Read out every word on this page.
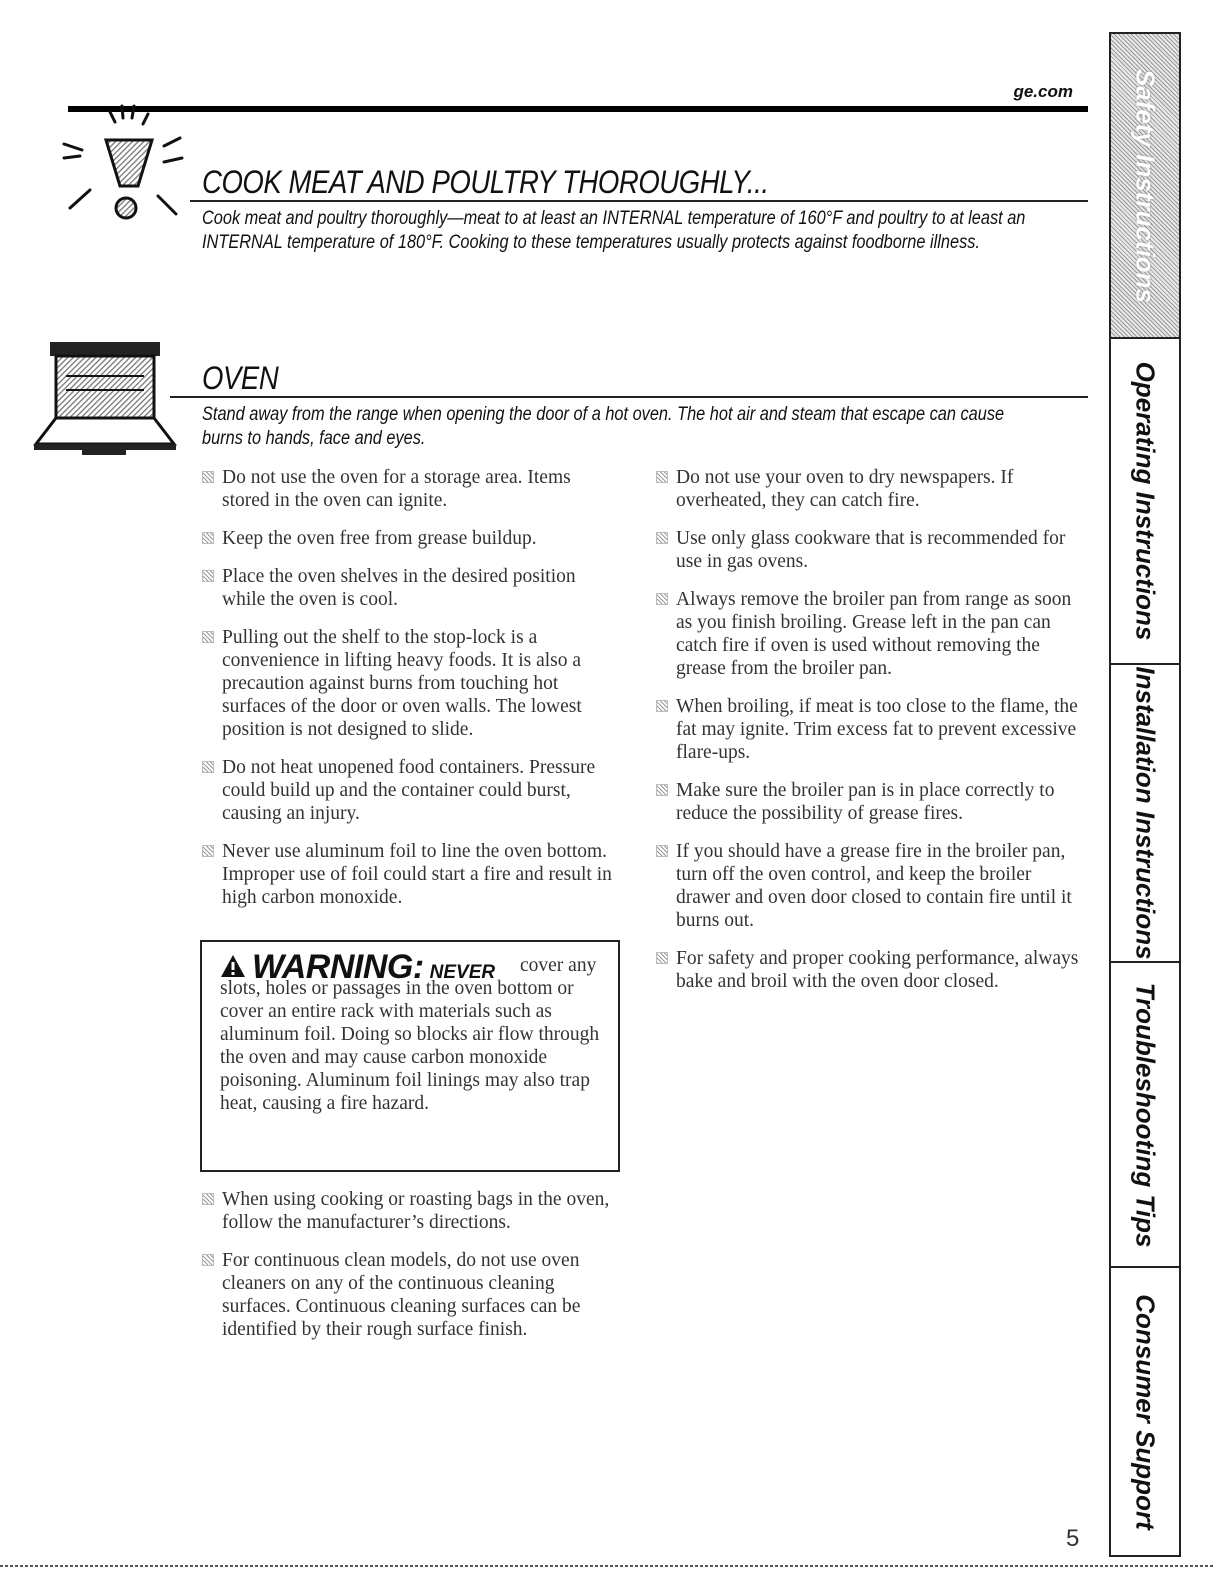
ge.com
COOK MEAT AND POULTRY THOROUGHLY...
Cook meat and poultry thoroughly—meat to at least an INTERNAL temperature of 160°F and poultry to at least an INTERNAL temperature of 180°F. Cooking to these temperatures usually protects against foodborne illness.
OVEN
Stand away from the range when opening the door of a hot oven. The hot air and steam that escape can cause burns to hands, face and eyes.
Do not use the oven for a storage area. Items stored in the oven can ignite.
Keep the oven free from grease buildup.
Place the oven shelves in the desired position while the oven is cool.
Pulling out the shelf to the stop-lock is a convenience in lifting heavy foods. It is also a precaution against burns from touching hot surfaces of the door or oven walls. The lowest position is not designed to slide.
Do not heat unopened food containers. Pressure could build up and the container could burst, causing an injury.
Never use aluminum foil to line the oven bottom. Improper use of foil could start a fire and result in high carbon monoxide.
WARNING: NEVER	cover any slots, holes or passages in the oven bottom or cover an entire rack with materials such as aluminum foil. Doing so blocks air flow through the oven and may cause carbon monoxide poisoning. Aluminum foil linings may also trap heat, causing a fire hazard.
When using cooking or roasting bags in the oven, follow the manufacturer’s directions.
For continuous clean models, do not use oven cleaners on any of the continuous cleaning surfaces. Continuous cleaning surfaces can be identified by their rough surface finish.
Do not use your oven to dry newspapers. If overheated, they can catch fire.
Use only glass cookware that is recommended for use in gas ovens.
Always remove the broiler pan from range as soon as you finish broiling. Grease left in the pan can catch fire if oven is used without removing the grease from the broiler pan.
When broiling, if meat is too close to the flame, the fat may ignite. Trim excess fat to prevent excessive flare-ups.
Make sure the broiler pan is in place correctly to reduce the possibility of grease fires.
If you should have a grease fire in the broiler pan, turn off the oven control, and keep the broiler drawer and oven door closed to contain fire until it burns out.
For safety and proper cooking performance, always bake and broil with the oven door closed.
Safety Instructions
Operating Instructions
Installation Instructions
Troubleshooting Tips
Consumer Support
5
